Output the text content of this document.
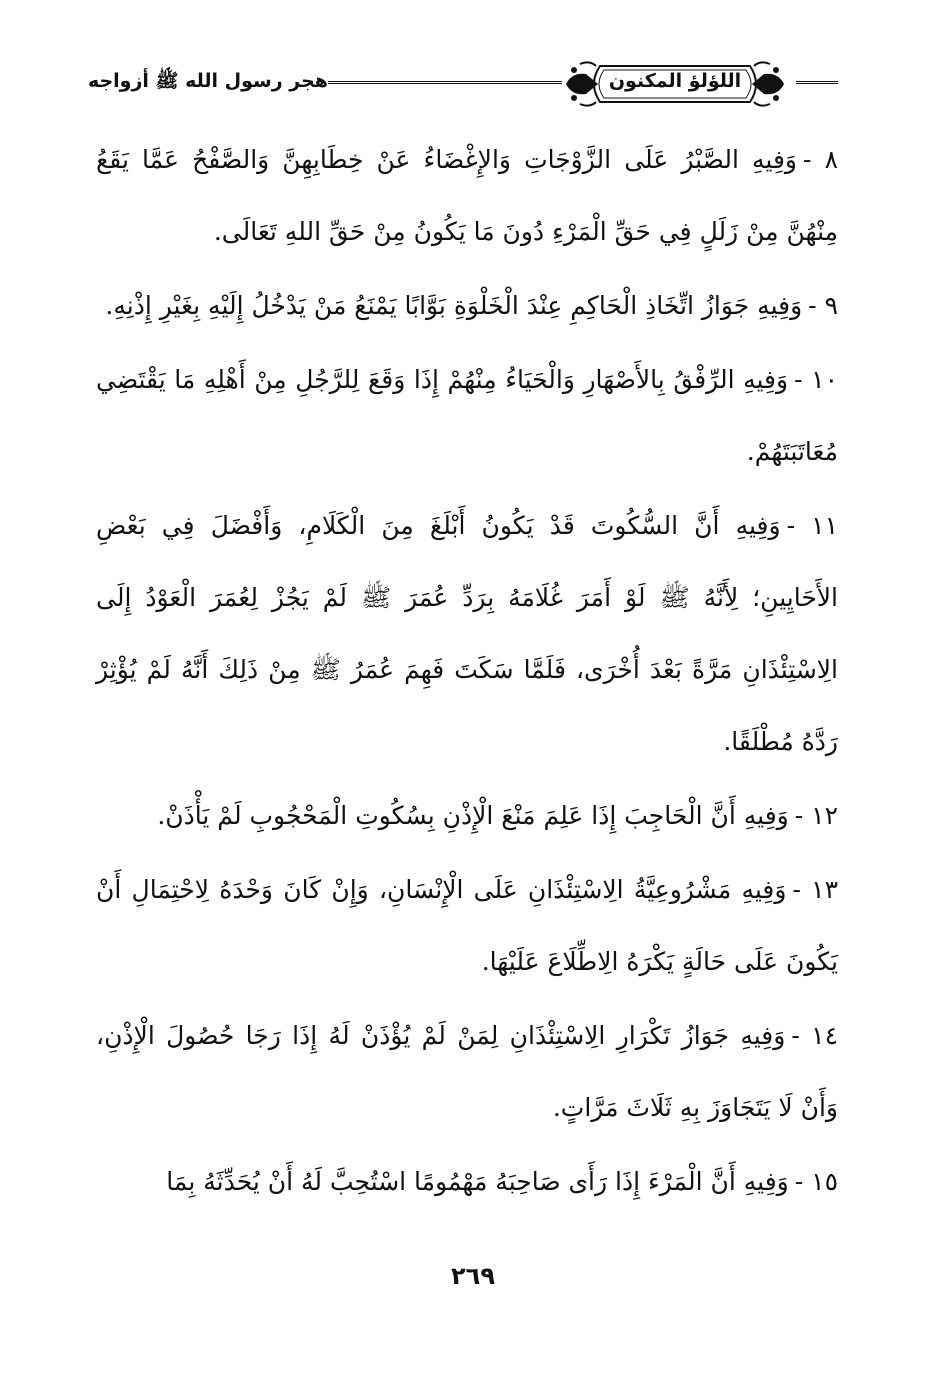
اللؤلؤ المكنون
هجر رسول الله ﷺ أزواجه

٨ -وَفِيهِ الصَّبْرُ عَلَى الزَّوْجَاتِ وَالإِغْضَاءُ عَنْ خِطَابِهِنَّ وَالصَّفْحُ عَمَّا يَقَعُ مِنْهُنَّ مِنْ زَلَلٍ فِي حَقِّ الْمَرْءِ دُونَ مَا يَكُونُ مِنْ حَقِّ اللهِ تَعَالَى.

٩ -وَفِيهِ جَوَازُ اتِّخَاذِ الْحَاكِمِ عِنْدَ الْخَلْوَةِ بَوَّابًا يَمْنَعُ مَنْ يَدْخُلُ إِلَيْهِ بِغَيْرِ إِذْنِهِ.

١٠ -وَفِيهِ الرِّفْقُ بِالأَصْهَارِ وَالْحَيَاءُ مِنْهُمْ إِذَا وَقَعَ لِلرَّجُلِ مِنْ أَهْلِهِ مَا يَقْتَضِي مُعَاتَبَتَهُمْ.

١١ -وَفِيهِ أَنَّ السُّكُوتَ قَدْ يَكُونُ أَبْلَغَ مِنَ الْكَلَامِ، وَأَفْضَلَ فِي بَعْضِ الأَحَايِينِ؛ لِأَنَّهُ ﷺ لَوْ أَمَرَ غُلَامَهُ بِرَدِّ عُمَرَ ﷺ لَمْ يَجُزْ لِعُمَرَ الْعَوْدُ إِلَى الِاسْتِئْذَانِ مَرَّةً بَعْدَ أُخْرَى، فَلَمَّا سَكَتَ فَهِمَ عُمَرُ ﷺ مِنْ ذَلِكَ أَنَّهُ لَمْ يُؤْثِرْ رَدَّهُ مُطْلَقًا.

١٢ -وَفِيهِ أَنَّ الْحَاجِبَ إِذَا عَلِمَ مَنْعَ الْإِذْنِ بِسُكُوتِ الْمَحْجُوبِ لَمْ يَأْذَنْ.

١٣ -وَفِيهِ مَشْرُوعِيَّةُ الِاسْتِئْذَانِ عَلَى الْإِنْسَانِ، وَإِنْ كَانَ وَحْدَهُ لِاحْتِمَالِ أَنْ يَكُونَ عَلَى حَالَةٍ يَكْرَهُ الِاطِّلَاعَ عَلَيْهَا.

١٤ -وَفِيهِ جَوَازُ تَكْرَارِ الِاسْتِئْذَانِ لِمَنْ لَمْ يُؤْذَنْ لَهُ إِذَا رَجَا حُصُولَ الْإِذْنِ، وَأَنْ لَا يَتَجَاوَزَ بِهِ ثَلَاثَ مَرَّاتٍ.

١٥ -وَفِيهِ أَنَّ الْمَرْءَ إِذَا رَأَى صَاحِبَهُ مَهْمُومًا اسْتُحِبَّ لَهُ أَنْ يُحَدِّثَهُ بِمَا

٢٦٩
